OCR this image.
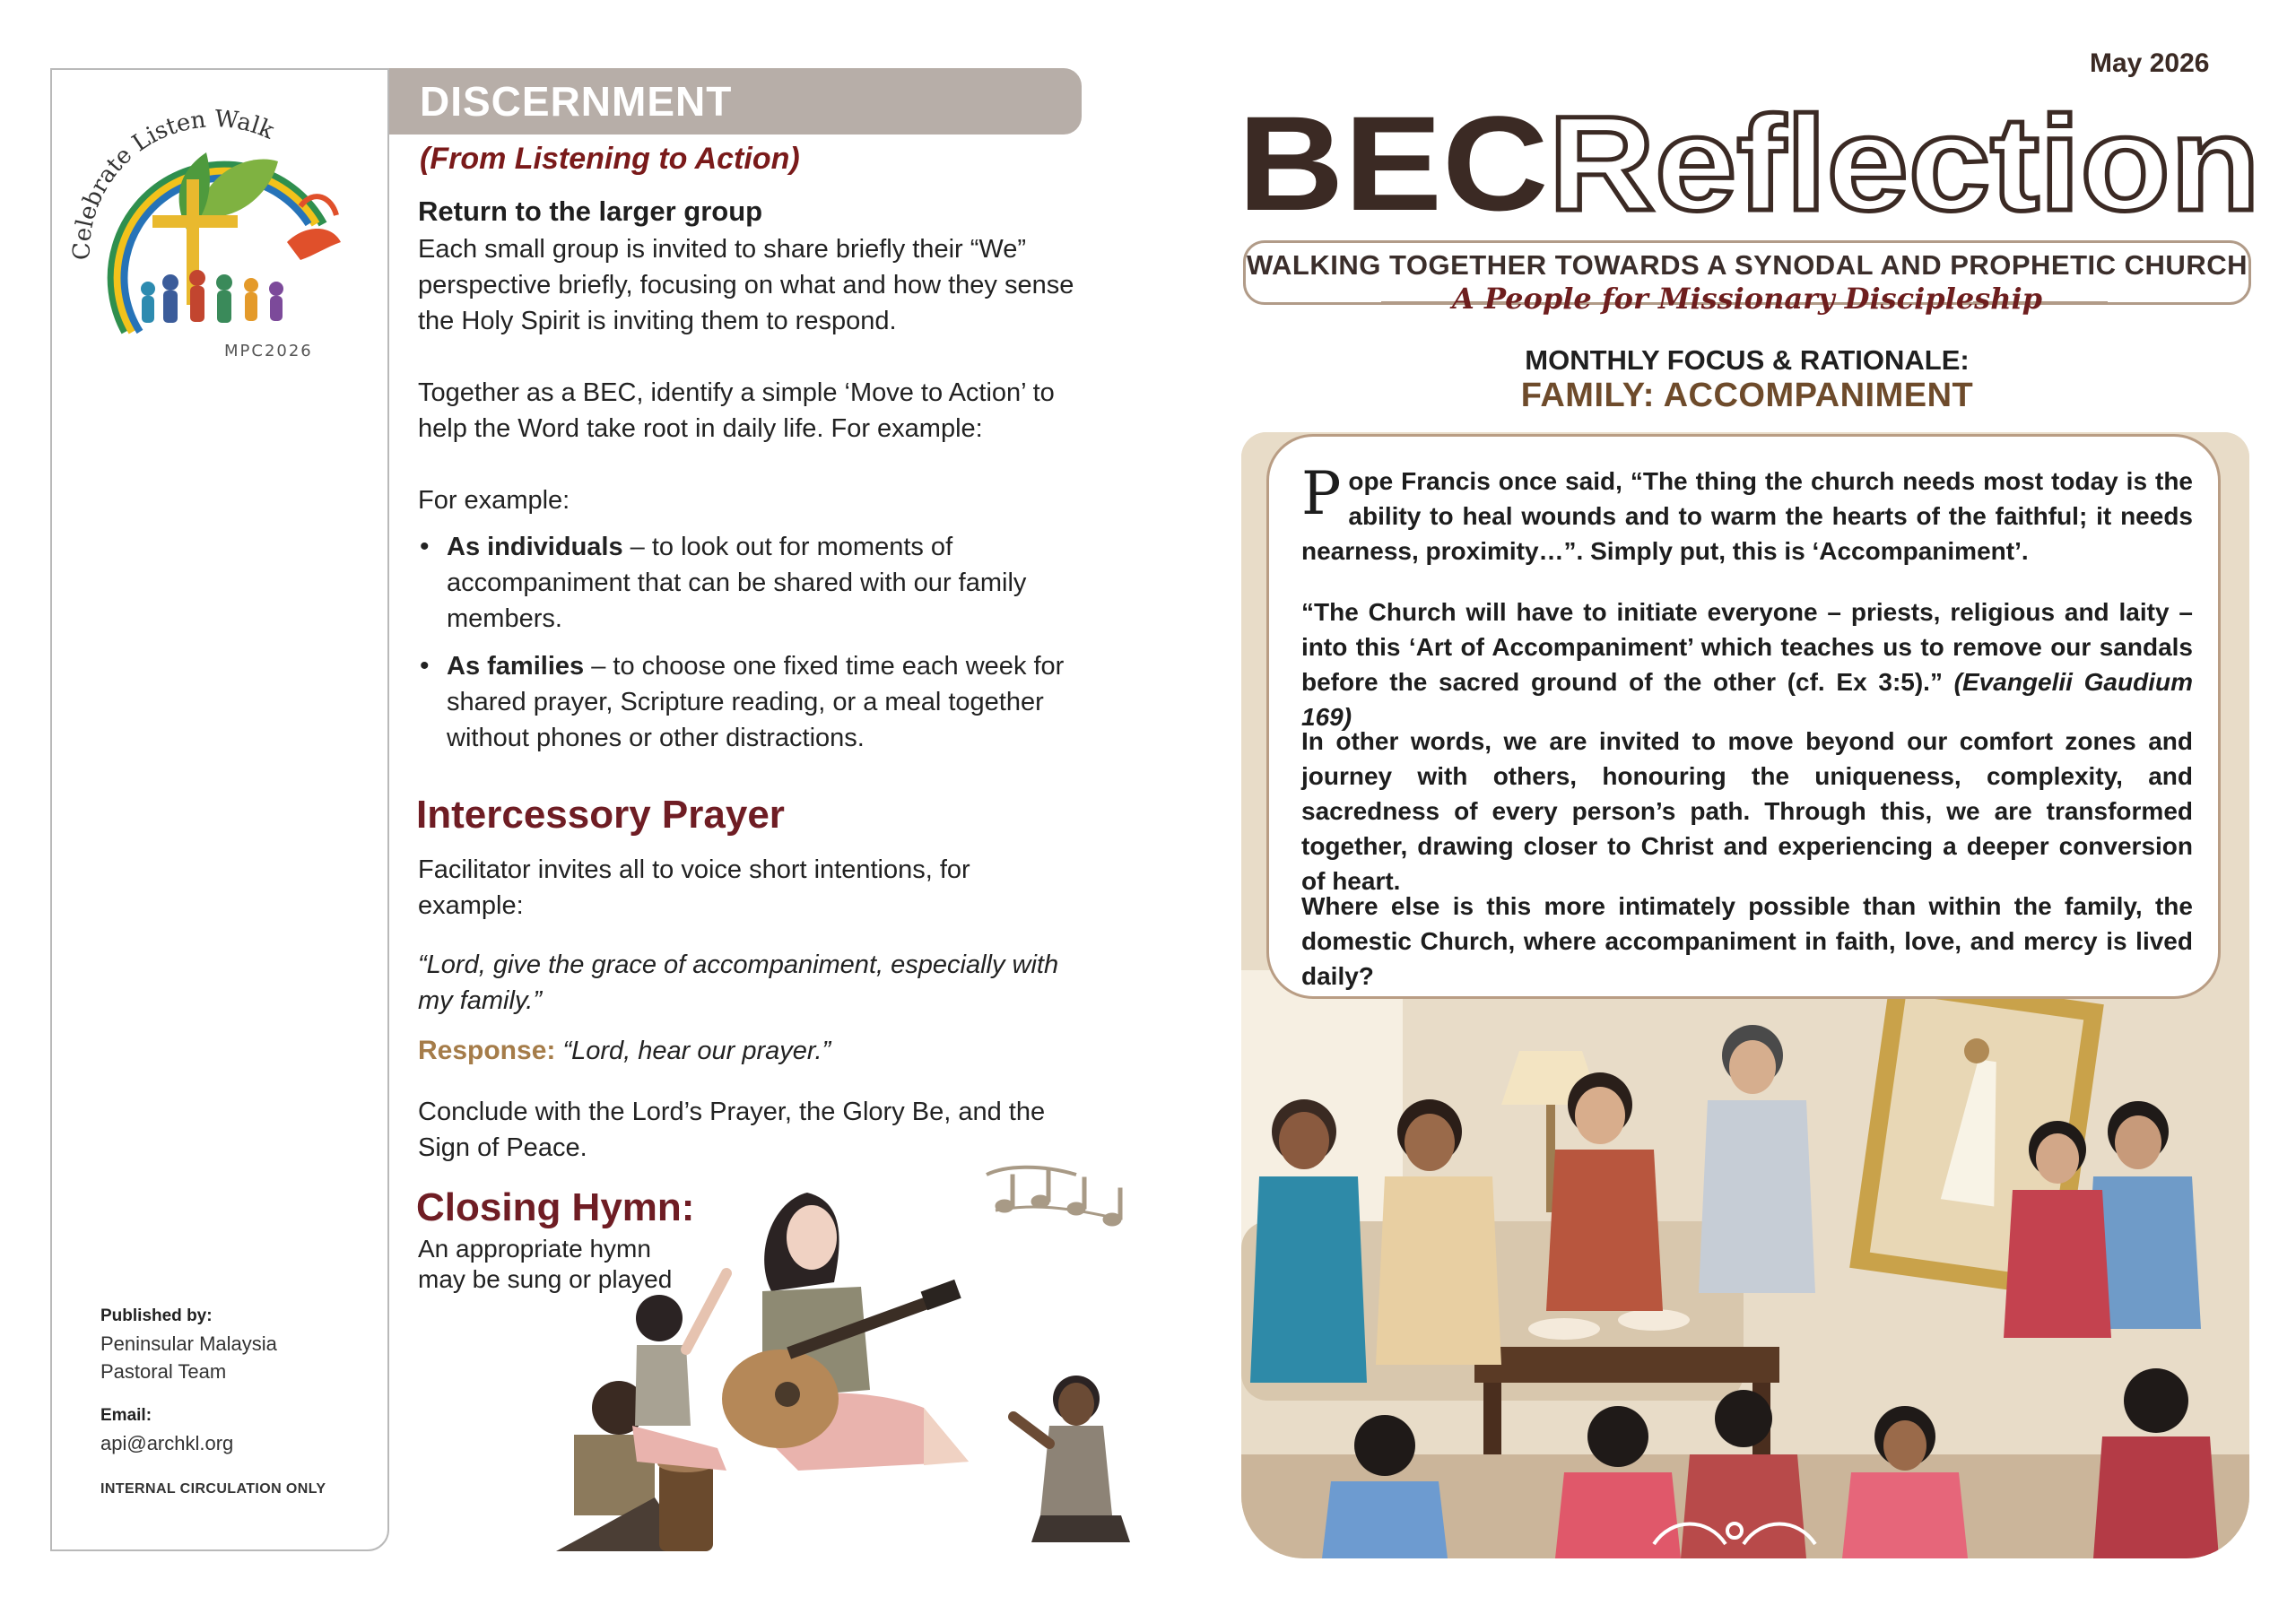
Celebrate Listen Walk
MPC2026
Published by:
Peninsular Malaysia
Pastoral Team
Email:
api@archkl.org
INTERNAL CIRCULATION ONLY
DISCERNMENT
(From Listening to Action)
Return to the larger group
Each small group is invited to share briefly their “We” perspective briefly, focusing on what and how they sense the Holy Spirit is inviting them to respond.
Together as a BEC, identify a simple ‘Move to Action’ to help the Word take root in daily life. For example:
For example:
• As individuals – to look out for moments of accompaniment that can be shared with our family members.
• As families – to choose one fixed time each week for shared prayer, Scripture reading, or a meal together without phones or other distractions.
Intercessory Prayer
Facilitator invites all to voice short intentions, for example:
“Lord, give the grace of accompaniment, especially with my family.”
Response: “Lord, hear our prayer.”
Conclude with the Lord’s Prayer, the Glory Be, and the Sign of Peace.
Closing Hymn:
An appropriate hymn may be sung or played
May 2026
BEC Reflection
WALKING TOGETHER TOWARDS A SYNODAL AND PROPHETIC CHURCH
A People for Missionary Discipleship
MONTHLY FOCUS & RATIONALE:
FAMILY: ACCOMPANIMENT
Pope Francis once said, “The thing the church needs most today is the ability to heal wounds and to warm the hearts of the faithful; it needs nearness, proximity…”. Simply put, this is ‘Accompaniment’.
“The Church will have to initiate everyone – priests, religious and laity – into this ‘Art of Accompaniment’ which teaches us to remove our sandals before the sacred ground of the other (cf. Ex 3:5).” (Evangelii Gaudium 169)
In other words, we are invited to move beyond our comfort zones and journey with others, honouring the uniqueness, complexity, and sacredness of every person’s path. Through this, we are transformed together, drawing closer to Christ and experiencing a deeper conversion of heart.
Where else is this more intimately possible than within the family, the domestic Church, where accompaniment in faith, love, and mercy is lived daily?
